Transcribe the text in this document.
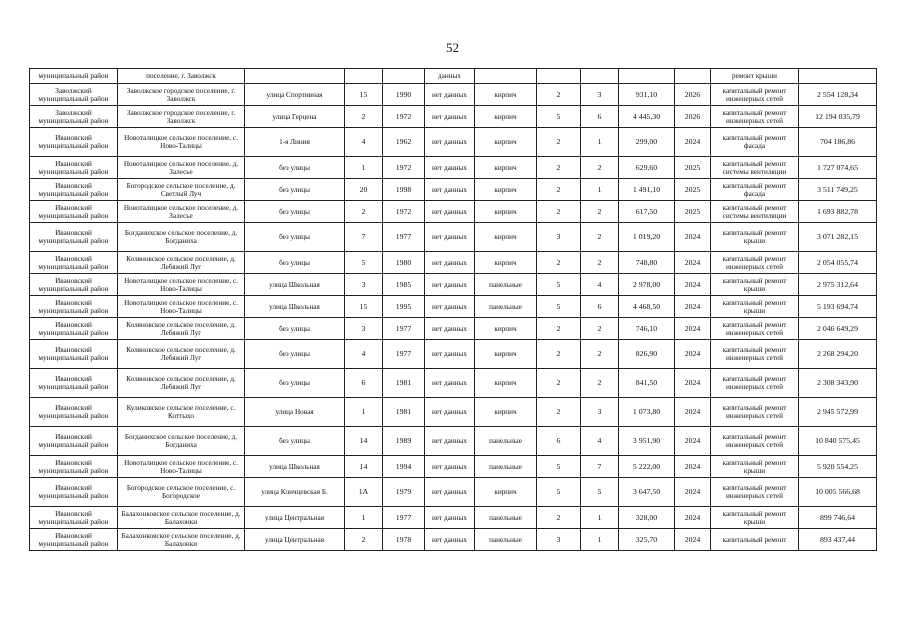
52
муниципальный район	поселение, г. Заволжск				данных						ремонт крыши	
Заволжский муниципальный район	Заволжское городское поселение, г. Заволжск	улица Спортивная	15	1990	нет данных	кирпич	2	3	931,10	2026	капитальный ремонт инженерных сетей	2 554 128,34
Заволжский муниципальный район	Заволжское городское поселение, г. Заволжск	улица Герцена	2	1972	нет данных	кирпич	5	6	4 445,30	2026	капитальный ремонт инженерных сетей	12 194 035,79
Ивановский муниципальный район	Новоталицкое сельское поселение, с. Ново-Талицы	1-я Линия	4	1962	нет данных	кирпич	2	1	299,00	2024	капитальный ремонт фасада	704 186,86
Ивановский муниципальный район	Новоталицкое сельское поселение, д. Залесье	без улицы	1	1972	нет данных	кирпич	2	2	629,60	2025	капитальный ремонт системы вентиляции	1 727 074,65
Ивановский муниципальный район	Богородское сельское поселение, д. Светлый Луч	без улицы	20	1998	нет данных	кирпич	2	1	1 491,10	2025	капитальный ремонт фасада	3 511 749,25
Ивановский муниципальный район	Новоталицкое сельское поселение, д. Залесье	без улицы	2	1972	нет данных	кирпич	2	2	617,50	2025	капитальный ремонт системы вентиляции	1 693 882,78
Ивановский муниципальный район	Богданихское сельское поселение, д. Богданиха	без улицы	7	1977	нет данных	кирпич	3	2	1 019,20	2024	капитальный ремонт крыши	3 071 282,15
Ивановский муниципальный район	Коляновское сельское поселение, д. Лебяжий Луг	без улицы	5	1980	нет данных	кирпич	2	2	748,80	2024	капитальный ремонт инженерных сетей	2 054 055,74
Ивановский муниципальный район	Новоталицкое сельское поселение, с. Ново-Талицы	улица Школьная	3	1985	нет данных	панельные	5	4	2 978,00	2024	капитальный ремонт крыши	2 975 312,64
Ивановский муниципальный район	Новоталицкое сельское поселение, с. Ново-Талицы	улица Школьная	15	1995	нет данных	панельные	5	6	4 468,50	2024	капитальный ремонт крыши	5 193 694,74
Ивановский муниципальный район	Коляновское сельское поселение, д. Лебяжий Луг	без улицы	3	1977	нет данных	кирпич	2	2	746,10	2024	капитальный ремонт инженерных сетей	2 046 649,29
Ивановский муниципальный район	Коляновское сельское поселение, д. Лебяжий Луг	без улицы	4	1977	нет данных	кирпич	2	2	826,90	2024	капитальный ремонт инженерных сетей	2 268 294,20
Ивановский муниципальный район	Коляновское сельское поселение, д. Лебяжий Луг	без улицы	6	1981	нет данных	кирпич	2	2	841,50	2024	капитальный ремонт инженерных сетей	2 308 343,90
Ивановский муниципальный район	Куликовское сельское поселение, с. Коттыхо	улица Новая	1	1981	нет данных	кирпич	2	3	1 073,80	2024	капитальный ремонт инженерных сетей	2 945 572,99
Ивановский муниципальный район	Богданихское сельское поселение, д. Богданиха	без улицы	14	1989	нет данных	панельные	6	4	3 951,90	2024	капитальный ремонт инженерных сетей	10 840 575,45
Ивановский муниципальный район	Новоталицкое сельское поселение, с. Ново-Талицы	улица Школьная	14	1994	нет данных	панельные	5	7	5 222,00	2024	капитальный ремонт крыши	5 920 554,25
Ивановский муниципальный район	Богородское сельское поселение, с. Богородское	улица Кличцевская Б.	1А	1979	нет данных	кирпич	5	5	3 647,50	2024	капитальный ремонт инженерных сетей	10 005 566,68
Ивановский муниципальный район	Балахонковское сельское поселение, д. Балахонки	улица Центральная	1	1977	нет данных	панельные	2	1	328,00	2024	капитальный ремонт крыши	899 746,64
Ивановский муниципальный район	Балахонковское сельское поселение, д. Балахонки	улица Центральная	2	1978	нет данных	панельные	3	1	325,70	2024	капитальный ремонт	893 437,44
